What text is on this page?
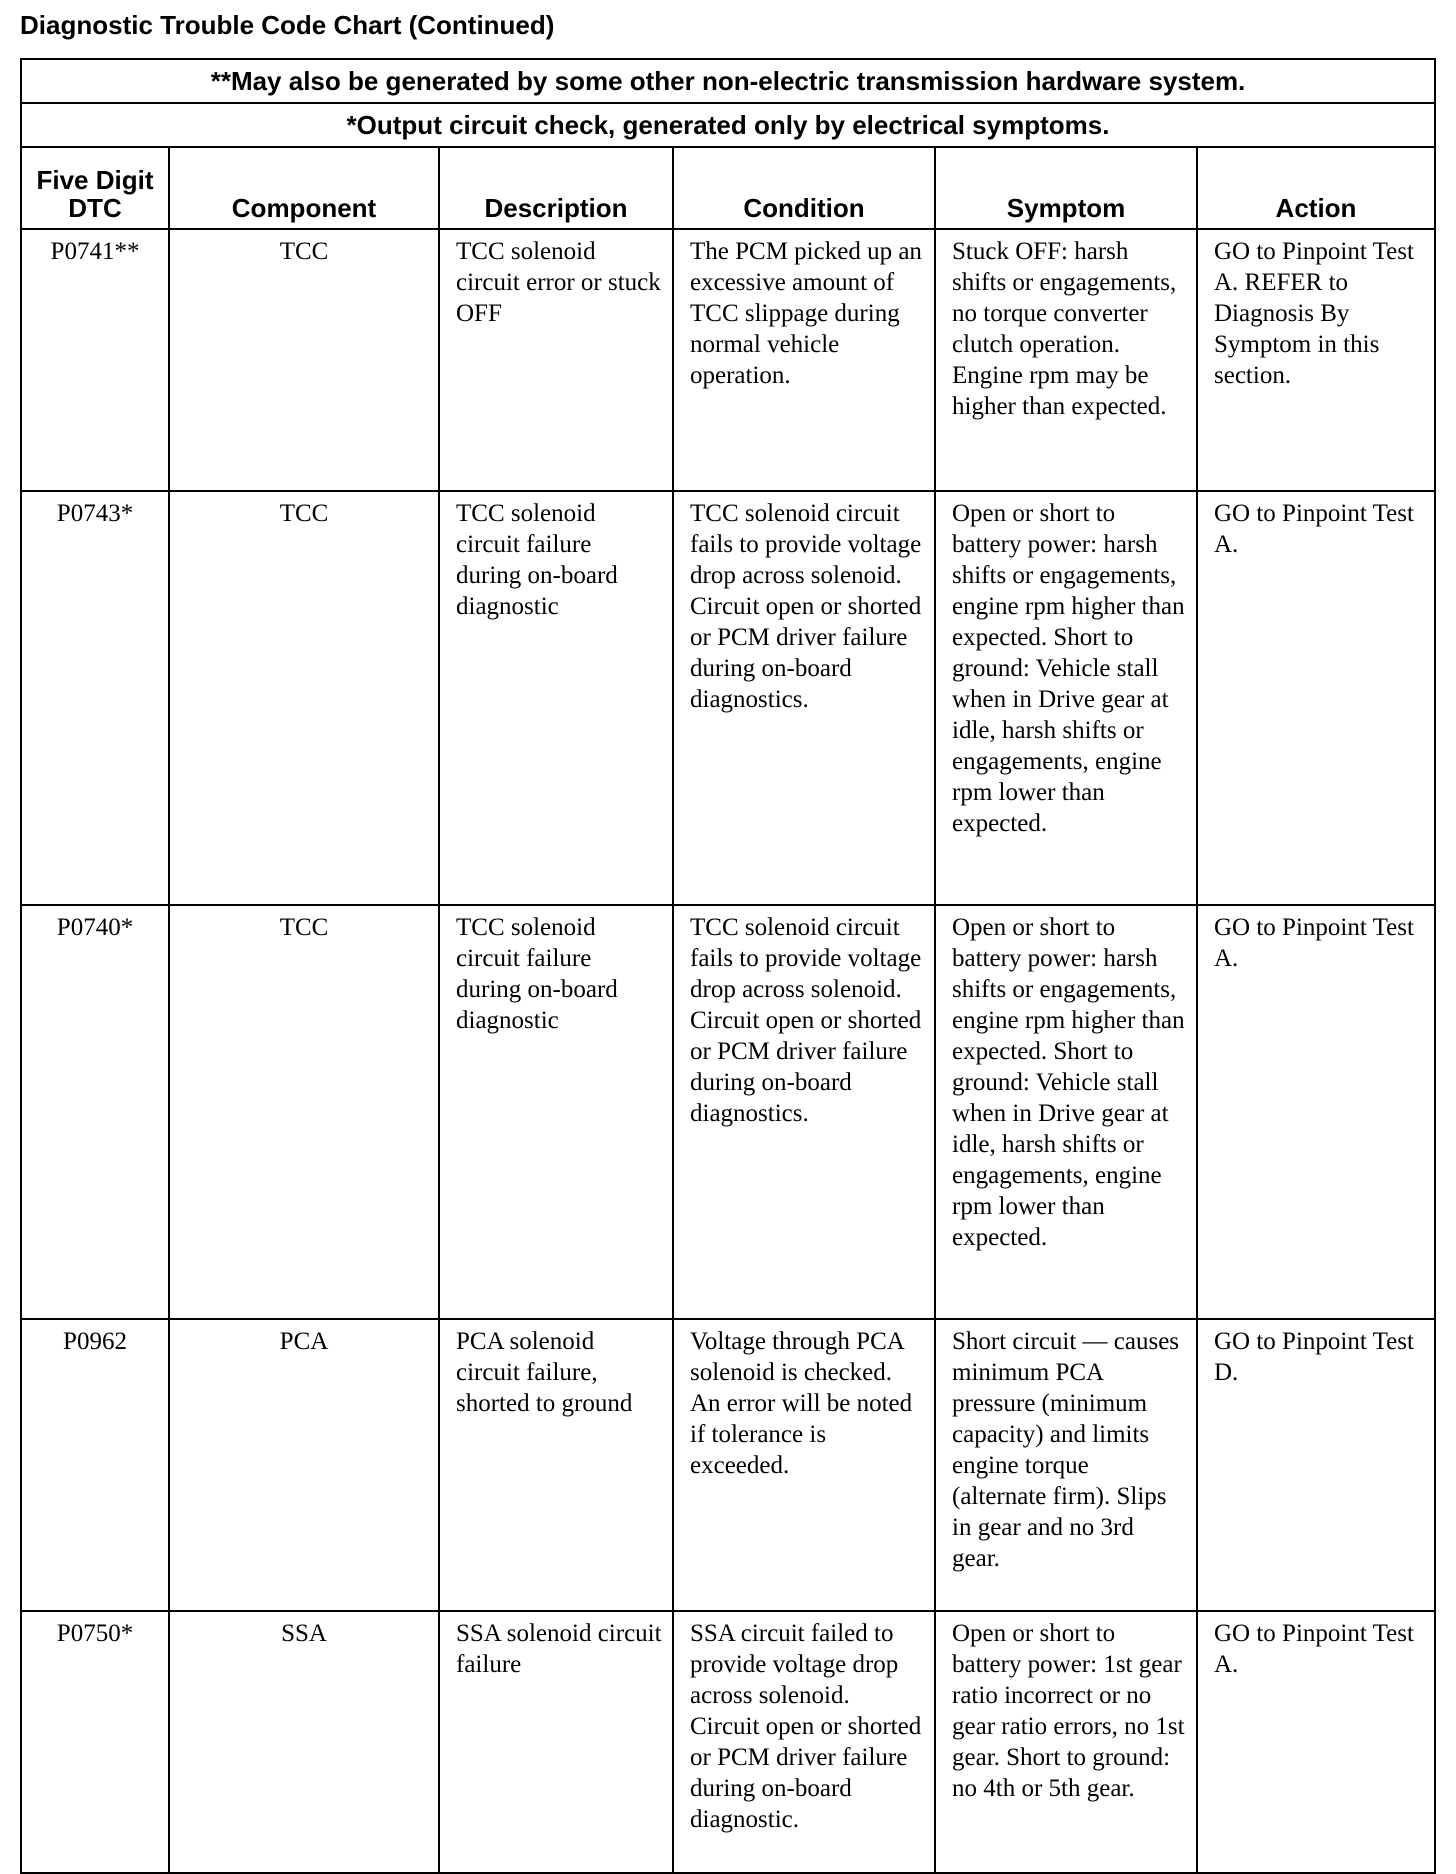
Diagnostic Trouble Code Chart (Continued)
**May also be generated by some other non-electric transmission hardware system.					
*Output circuit check, generated only by electrical symptoms.					

Five Digit DTC	Component	Description	Condition	Symptom	Action

P0741**	TCC	TCC solenoid circuit error or stuck OFF	The PCM picked up an excessive amount of TCC slippage during normal vehicle operation.	Stuck OFF: harsh shifts or engagements, no torque converter clutch operation. Engine rpm may be higher than expected.	GO to Pinpoint Test A. REFER to Diagnosis By Symptom in this section.
P0743*	TCC	TCC solenoid circuit failure during on-board diagnostic	TCC solenoid circuit fails to provide voltage drop across solenoid. Circuit open or shorted or PCM driver failure during on-board diagnostics.	Open or short to battery power: harsh shifts or engagements, engine rpm higher than expected. Short to ground: Vehicle stall when in Drive gear at idle, harsh shifts or engagements, engine rpm lower than expected.	GO to Pinpoint Test A.
P0740*	TCC	TCC solenoid circuit failure during on-board diagnostic	TCC solenoid circuit fails to provide voltage drop across solenoid. Circuit open or shorted or PCM driver failure during on-board diagnostics.	Open or short to battery power: harsh shifts or engagements, engine rpm higher than expected. Short to ground: Vehicle stall when in Drive gear at idle, harsh shifts or engagements, engine rpm lower than expected.	GO to Pinpoint Test A.
P0962	PCA	PCA solenoid circuit failure, shorted to ground	Voltage through PCA solenoid is checked. An error will be noted if tolerance is exceeded.	Short circuit — causes minimum PCA pressure (minimum capacity) and limits engine torque (alternate firm). Slips in gear and no 3rd gear.	GO to Pinpoint Test D.
P0750*	SSA	SSA solenoid circuit failure	SSA circuit failed to provide voltage drop across solenoid. Circuit open or shorted or PCM driver failure during on-board diagnostic.	Open or short to battery power: 1st gear ratio incorrect or no gear ratio errors, no 1st gear. Short to ground: no 4th or 5th gear.	GO to Pinpoint Test A.
